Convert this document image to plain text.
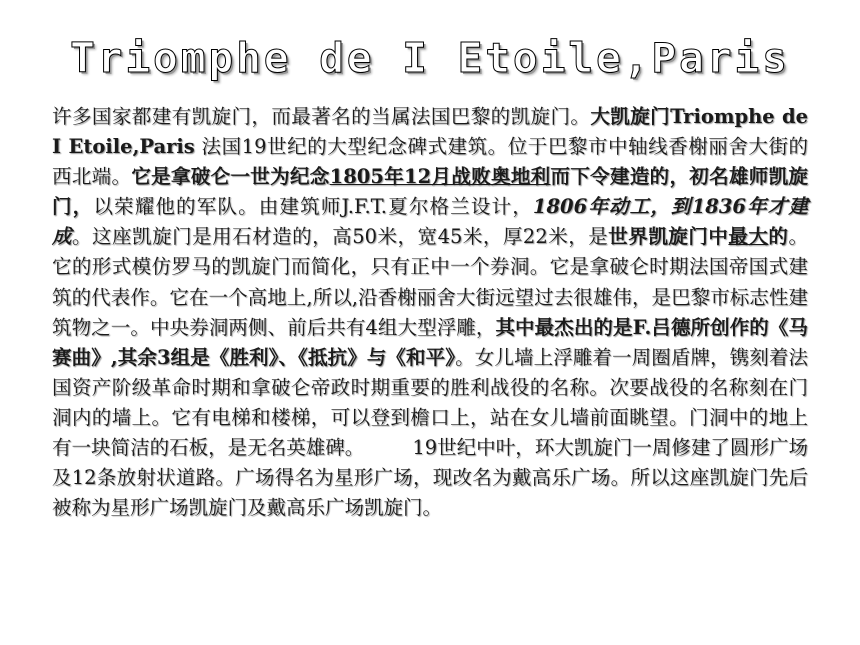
Triomphe de I Etoile,Paris
许多国家都建有凯旋门，而最著名的当属法国巴黎的凯旋门。大凯旋门Triomphe de I Etoile,Paris 法国19世纪的大型纪念碑式建筑。位于巴黎市中轴线香榭丽舍大街的西北端。它是拿破仑一世为纪念1805年12月战败奥地利而下令建造的，初名雄师凯旋门，以荣耀他的军队。由建筑师J.F.T.夏尔格兰设计，1806年动工，到1836年才建成。这座凯旋门是用石材造的，高50米，宽45米，厚22米，是世界凯旋门中最大的。它的形式模仿罗马的凯旋门而简化，只有正中一个券洞。它是拿破仑时期法国帝国式建筑的代表作。它在一个高地上,所以,沿香榭丽舍大街远望过去很雄伟，是巴黎市标志性建筑物之一。中央券洞两侧、前后共有4组大型浮雕，其中最杰出的是F.吕德所创作的《马赛曲》,其余3组是《胜利》、《抵抗》与《和平》。女儿墙上浮雕着一周圈盾牌，镌刻着法国资产阶级革命时期和拿破仑帝政时期重要的胜利战役的名称。次要战役的名称刻在门洞内的墙上。它有电梯和楼梯，可以登到檐口上，站在女儿墙前面眺望。门洞中的地上有一块简洁的石板，是无名英雄碑。 19世纪中叶，环大凯旋门一周修建了圆形广场及12条放射状道路。广场得名为星形广场，现改名为戴高乐广场。所以这座凯旋门先后被称为星形广场凯旋门及戴高乐广场凯旋门。
